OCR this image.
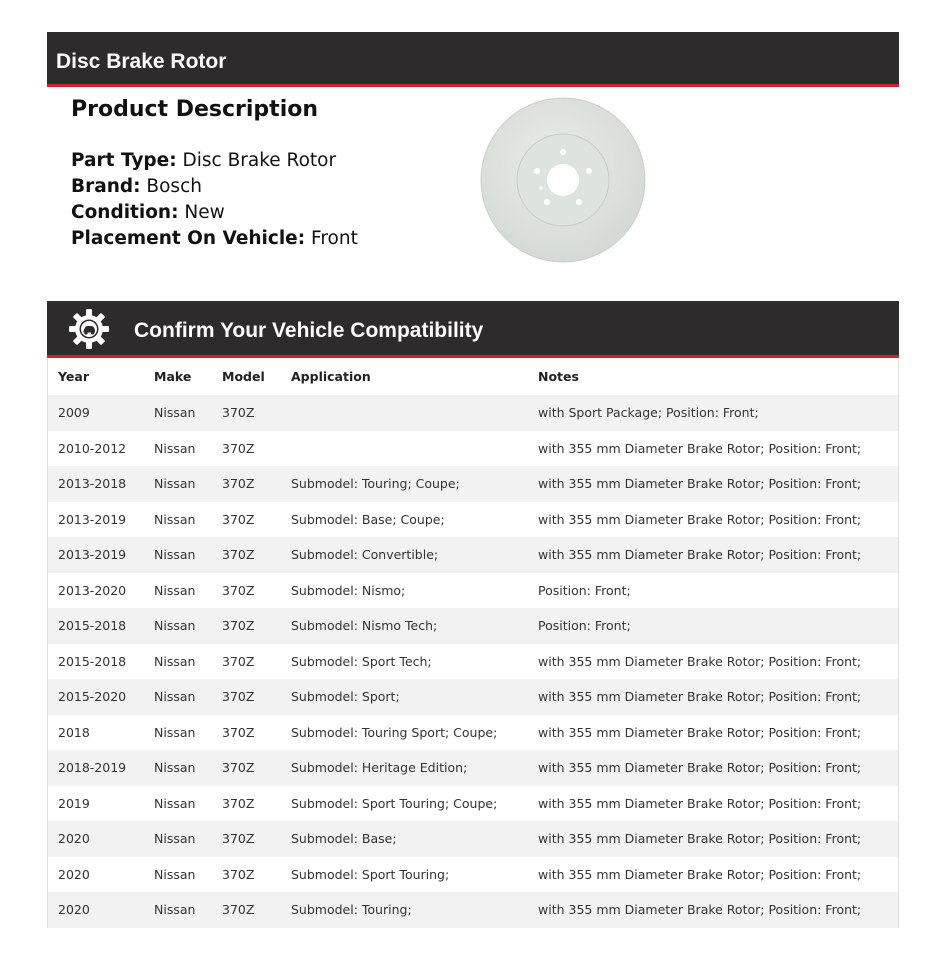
Disc Brake Rotor
Product Description
Part Type: Disc Brake Rotor
Brand: Bosch
Condition: New
Placement On Vehicle: Front
Confirm Your Vehicle Compatibility
Year	Make	Model	Application	Notes
2009	Nissan	370Z		with Sport Package; Position: Front;
2010-2012	Nissan	370Z		with 355 mm Diameter Brake Rotor; Position: Front;
2013-2018	Nissan	370Z	Submodel: Touring; Coupe;	with 355 mm Diameter Brake Rotor; Position: Front;
2013-2019	Nissan	370Z	Submodel: Base; Coupe;	with 355 mm Diameter Brake Rotor; Position: Front;
2013-2019	Nissan	370Z	Submodel: Convertible;	with 355 mm Diameter Brake Rotor; Position: Front;
2013-2020	Nissan	370Z	Submodel: Nismo;	Position: Front;
2015-2018	Nissan	370Z	Submodel: Nismo Tech;	Position: Front;
2015-2018	Nissan	370Z	Submodel: Sport Tech;	with 355 mm Diameter Brake Rotor; Position: Front;
2015-2020	Nissan	370Z	Submodel: Sport;	with 355 mm Diameter Brake Rotor; Position: Front;
2018	Nissan	370Z	Submodel: Touring Sport; Coupe;	with 355 mm Diameter Brake Rotor; Position: Front;
2018-2019	Nissan	370Z	Submodel: Heritage Edition;	with 355 mm Diameter Brake Rotor; Position: Front;
2019	Nissan	370Z	Submodel: Sport Touring; Coupe;	with 355 mm Diameter Brake Rotor; Position: Front;
2020	Nissan	370Z	Submodel: Base;	with 355 mm Diameter Brake Rotor; Position: Front;
2020	Nissan	370Z	Submodel: Sport Touring;	with 355 mm Diameter Brake Rotor; Position: Front;
2020	Nissan	370Z	Submodel: Touring;	with 355 mm Diameter Brake Rotor; Position: Front;
